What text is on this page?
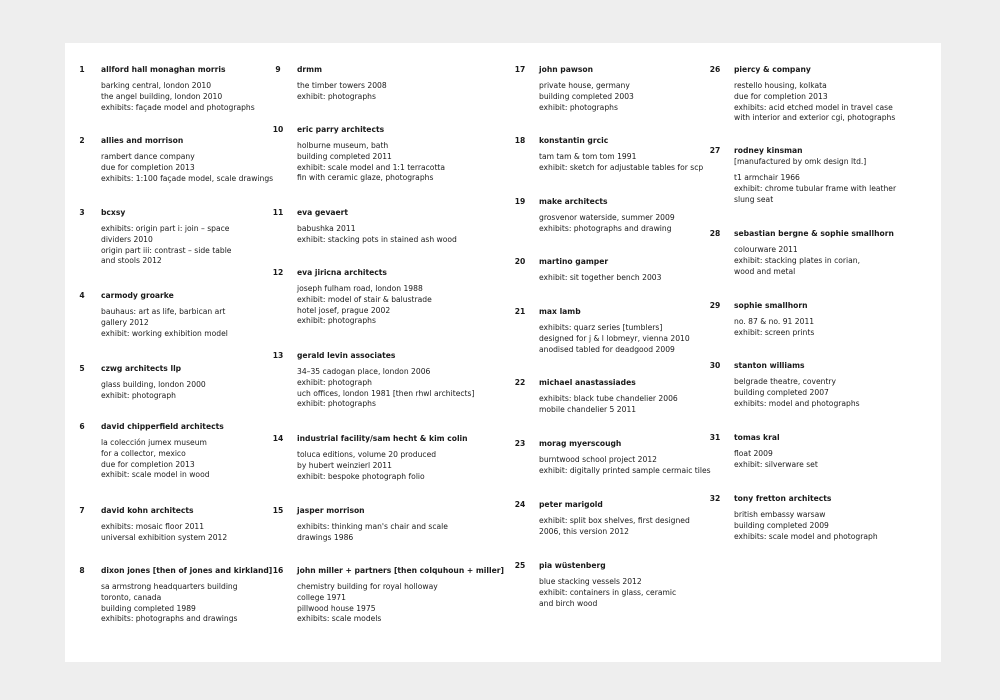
1	allford hall monaghan morris
barking central, london 2010
the angel building, london 2010
exhibits: façade model and photographs
2	allies and morrison
rambert dance company
due for completion 2013
exhibits: 1:100 façade model, scale drawings
3	bcxsy
exhibits: origin part i: join – space
dividers 2010
origin part iii: contrast – side table
and stools 2012
4	carmody groarke
bauhaus: art as life, barbican art
gallery 2012
exhibit: working exhibition model
5	czwg architects llp
glass building, london 2000
exhibit: photograph
6	david chipperfield architects
la colección jumex museum
for a collector, mexico
due for completion 2013
exhibit: scale model in wood
7	david kohn architects
exhibits: mosaic floor 2011
universal exhibition system 2012
8	dixon jones [then of jones and kirkland]
sa armstrong headquarters building
toronto, canada
building completed 1989
exhibits: photographs and drawings
9	drmm
the timber towers 2008
exhibit: photographs
10	eric parry architects
holburne museum, bath
building completed 2011
exhibit: scale model and 1:1 terracotta
fin with ceramic glaze, photographs
11	eva gevaert
babushka 2011
exhibit: stacking pots in stained ash wood
12	eva jiricna architects
joseph fulham road, london 1988
exhibit: model of stair & balustrade
hotel josef, prague 2002
exhibit: photographs
13	gerald levin associates
34–35 cadogan place, london 2006
exhibit: photograph
uch offices, london 1981 [then rhwl architects]
exhibit: photographs
14	industrial facility/sam hecht & kim colin
toluca editions, volume 20 produced
by hubert weinzierl 2011
exhibit: bespoke photograph folio
15	jasper morrison
exhibits: thinking man's chair and scale
drawings 1986
16	john miller + partners [then colquhoun + miller]
chemistry building for royal holloway
college 1971
pillwood house 1975
exhibits: scale models
17	john pawson
private house, germany
building completed 2003
exhibit: photographs
18	konstantin grcic
tam tam & tom tom 1991
exhibit: sketch for adjustable tables for scp
19	make architects
grosvenor waterside, summer 2009
exhibits: photographs and drawing
20	martino gamper
exhibit: sit together bench 2003
21	max lamb
exhibits: quarz series [tumblers]
designed for j & l lobmeyr, vienna 2010
anodised tabled for deadgood 2009
22	michael anastassiades
exhibits: black tube chandelier 2006
mobile chandelier 5 2011
23	morag myerscough
burntwood school project 2012
exhibit: digitally printed sample cermaic tiles
24	peter marigold
exhibit: split box shelves, first designed
2006, this version 2012
25	pia wüstenberg
blue stacking vessels 2012
exhibit: containers in glass, ceramic
and birch wood
26	piercy & company
restello housing, kolkata
due for completion 2013
exhibits: acid etched model in travel case
with interior and exterior cgi, photographs
27	rodney kinsman
[manufactured by omk design ltd.]
t1 armchair 1966
exhibit: chrome tubular frame with leather
slung seat
28	sebastian bergne & sophie smallhorn
colourware 2011
exhibit: stacking plates in corian,
wood and metal
29	sophie smallhorn
no. 87 & no. 91 2011
exhibit: screen prints
30	stanton williams
belgrade theatre, coventry
building completed 2007
exhibits: model and photographs
31	tomas kral
float 2009
exhibit: silverware set
32	tony fretton architects
british embassy warsaw
building completed 2009
exhibits: scale model and photograph
